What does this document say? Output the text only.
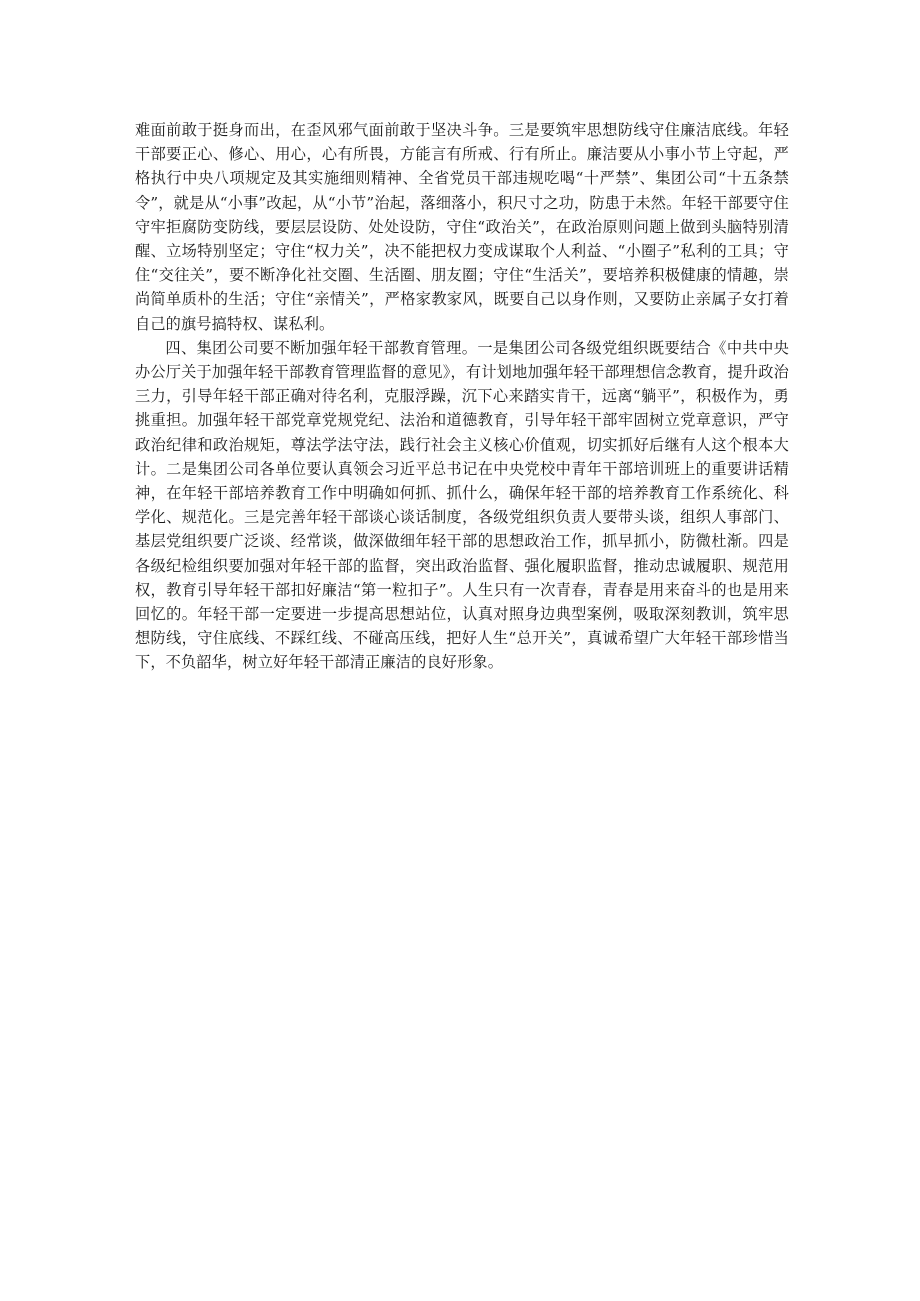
难面前敢于挺身而出，在歪风邪气面前敢于坚决斗争。三是要筑牢思想防线守住廉洁底线。年轻干部要正心、修心、用心，心有所畏，方能言有所戒、行有所止。廉洁要从小事小节上守起，严格执行中央八项规定及其实施细则精神、全省党员干部违规吃喝“十严禁”、集团公司“十五条禁令”，就是从“小事”改起，从“小节”治起，落细落小，积尺寸之功，防患于未然。年轻干部要守住守牢拒腐防变防线，要层层设防、处处设防，守住“政治关”，在政治原则问题上做到头脑特别清醒、立场特别坚定；守住“权力关”，决不能把权力变成谋取个人利益、“小圈子”私利的工具；守住“交往关”，要不断净化社交圈、生活圈、朋友圈；守住“生活关”，要培养积极健康的情趣，崇尚简单质朴的生活；守住“亲情关”，严格家教家风，既要自己以身作则，又要防止亲属子女打着自己的旗号搞特权、谋私利。

四、集团公司要不断加强年轻干部教育管理。一是集团公司各级党组织既要结合《中共中央办公厅关于加强年轻干部教育管理监督的意见》，有计划地加强年轻干部理想信念教育，提升政治三力，引导年轻干部正确对待名利，克服浮躁，沉下心来踏实肯干，远离“躺平”，积极作为，勇挑重担。加强年轻干部党章党规党纪、法治和道德教育，引导年轻干部牢固树立党章意识，严守政治纪律和政治规矩，尊法学法守法，践行社会主义核心价值观，切实抓好后继有人这个根本大计。二是集团公司各单位要认真领会习近平总书记在中央党校中青年干部培训班上的重要讲话精神，在年轻干部培养教育工作中明确如何抓、抓什么，确保年轻干部的培养教育工作系统化、科学化、规范化。三是完善年轻干部谈心谈话制度，各级党组织负责人要带头谈，组织人事部门、基层党组织要广泛谈、经常谈，做深做细年轻干部的思想政治工作，抓早抓小，防微杜渐。四是各级纪检组织要加强对年轻干部的监督，突出政治监督、强化履职监督，推动忠诚履职、规范用权，教育引导年轻干部扣好廉洁“第一粒扣子”。人生只有一次青春，青春是用来奋斗的也是用来回忆的。年轻干部一定要进一步提高思想站位，认真对照身边典型案例，吸取深刻教训，筑牢思想防线，守住底线、不踩红线、不碰高压线，把好人生“总开关”，真诚希望广大年轻干部珍惜当下，不负韶华，树立好年轻干部清正廉洁的良好形象。
